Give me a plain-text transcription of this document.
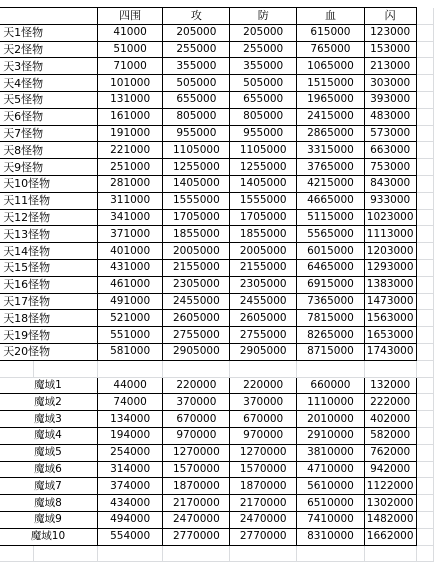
			四围	攻	防	血	闪	
	天1怪物		41000	205000	205000	615000	123000	
	天2怪物		51000	255000	255000	765000	153000	
	天3怪物		71000	355000	355000	1065000	213000	
	天4怪物		101000	505000	505000	1515000	303000	
	天5怪物		131000	655000	655000	1965000	393000	
	天6怪物		161000	805000	805000	2415000	483000	
	天7怪物		191000	955000	955000	2865000	573000	
	天8怪物		221000	1105000	1105000	3315000	663000	
	天9怪物		251000	1255000	1255000	3765000	753000	
	天10怪物		281000	1405000	1405000	4215000	843000	
	天11怪物		311000	1555000	1555000	4665000	933000	
	天12怪物		341000	1705000	1705000	5115000	1023000	
	天13怪物		371000	1855000	1855000	5565000	1113000	
	天14怪物		401000	2005000	2005000	6015000	1203000	
	天15怪物		431000	2155000	2155000	6465000	1293000	
	天16怪物		461000	2305000	2305000	6915000	1383000	
	天17怪物		491000	2455000	2455000	7365000	1473000	
	天18怪物		521000	2605000	2605000	7815000	1563000	
	天19怪物		551000	2755000	2755000	8265000	1653000	
	天20怪物		581000	2905000	2905000	8715000	1743000	

	魔域1		44000	220000	220000	660000	132000	
	魔域2		74000	370000	370000	1110000	222000	
	魔域3		134000	670000	670000	2010000	402000	
	魔域4		194000	970000	970000	2910000	582000	
	魔域5		254000	1270000	1270000	3810000	762000	
	魔域6		314000	1570000	1570000	4710000	942000	
	魔域7		374000	1870000	1870000	5610000	1122000	
	魔域8		434000	2170000	2170000	6510000	1302000	
	魔域9		494000	2470000	2470000	7410000	1482000	
	魔域10		554000	2770000	2770000	8310000	1662000	
